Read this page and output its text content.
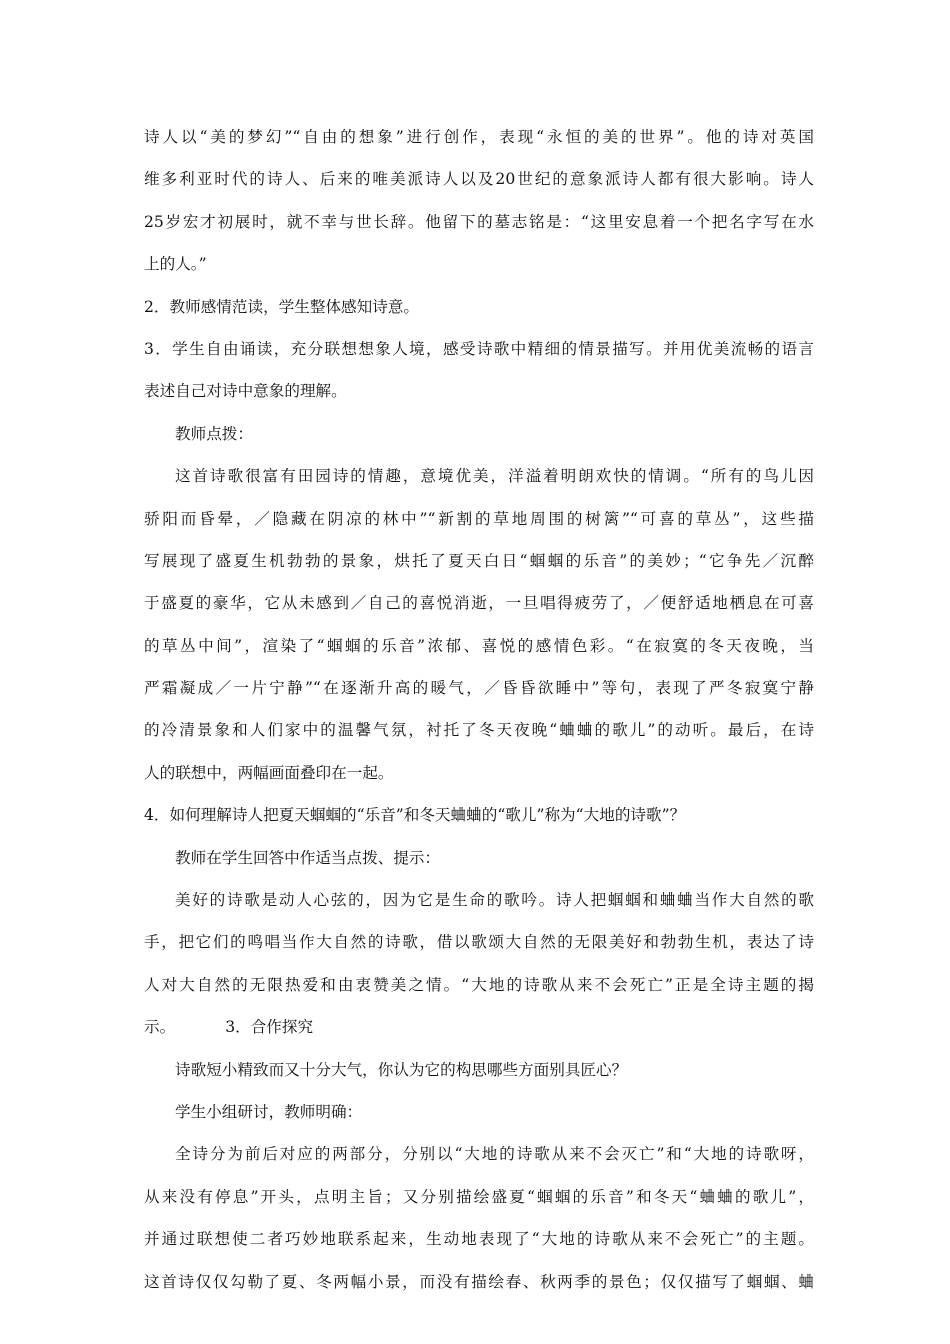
诗人以“美的梦幻”“自由的想象”进行创作，表现“永恒的美的世界”。他的诗对英国
维多利亚时代的诗人、后来的唯美派诗人以及20世纪的意象派诗人都有很大影响。诗人
25岁宏才初展时，就不幸与世长辞。他留下的墓志铭是：“这里安息着一个把名字写在水
上的人。”
2．教师感情范读，学生整体感知诗意。
3．学生自由诵读，充分联想想象人境，感受诗歌中精细的情景描写。并用优美流畅的语言
表述自己对诗中意象的理解。
教师点拨：
这首诗歌很富有田园诗的情趣，意境优美，洋溢着明朗欢快的情调。“所有的鸟儿因
骄阳而昏晕，／隐藏在阴凉的林中”“新割的草地周围的树篱”“可喜的草丛”，这些描
写展现了盛夏生机勃勃的景象，烘托了夏天白日“蝈蝈的乐音”的美妙；“它争先／沉醉
于盛夏的豪华，它从未感到／自己的喜悦消逝，一旦唱得疲劳了，／便舒适地栖息在可喜
的草丛中间”，渲染了“蝈蝈的乐音”浓郁、喜悦的感情色彩。“在寂寞的冬天夜晚，当
严霜凝成／一片宁静”“在逐渐升高的暖气，／昏昏欲睡中”等句，表现了严冬寂寞宁静
的冷清景象和人们家中的温馨气氛，衬托了冬天夜晚“蛐蛐的歌儿”的动听。最后，在诗
人的联想中，两幅画面叠印在一起。
4．如何理解诗人把夏天蝈蝈的“乐音”和冬天蛐蛐的“歌儿”称为“大地的诗歌”？
教师在学生回答中作适当点拨、提示：
美好的诗歌是动人心弦的，因为它是生命的歌吟。诗人把蝈蝈和蛐蛐当作大自然的歌
手，把它们的鸣唱当作大自然的诗歌，借以歌颂大自然的无限美好和勃勃生机，表达了诗
人对大自然的无限热爱和由衷赞美之情。“大地的诗歌从来不会死亡”正是全诗主题的揭
示。	3．合作探究
诗歌短小精致而又十分大气，你认为它的构思哪些方面别具匠心？
学生小组研讨，教师明确：
全诗分为前后对应的两部分，分别以“大地的诗歌从来不会灭亡”和“大地的诗歌呀，
从来没有停息”开头，点明主旨；又分别描绘盛夏“蝈蝈的乐音”和冬天“蛐蛐的歌儿”，
并通过联想使二者巧妙地联系起来，生动地表现了“大地的诗歌从来不会死亡”的主题。
这首诗仅仅勾勒了夏、冬两幅小景，而没有描绘春、秋两季的景色；仅仅描写了蝈蝈、蛐
